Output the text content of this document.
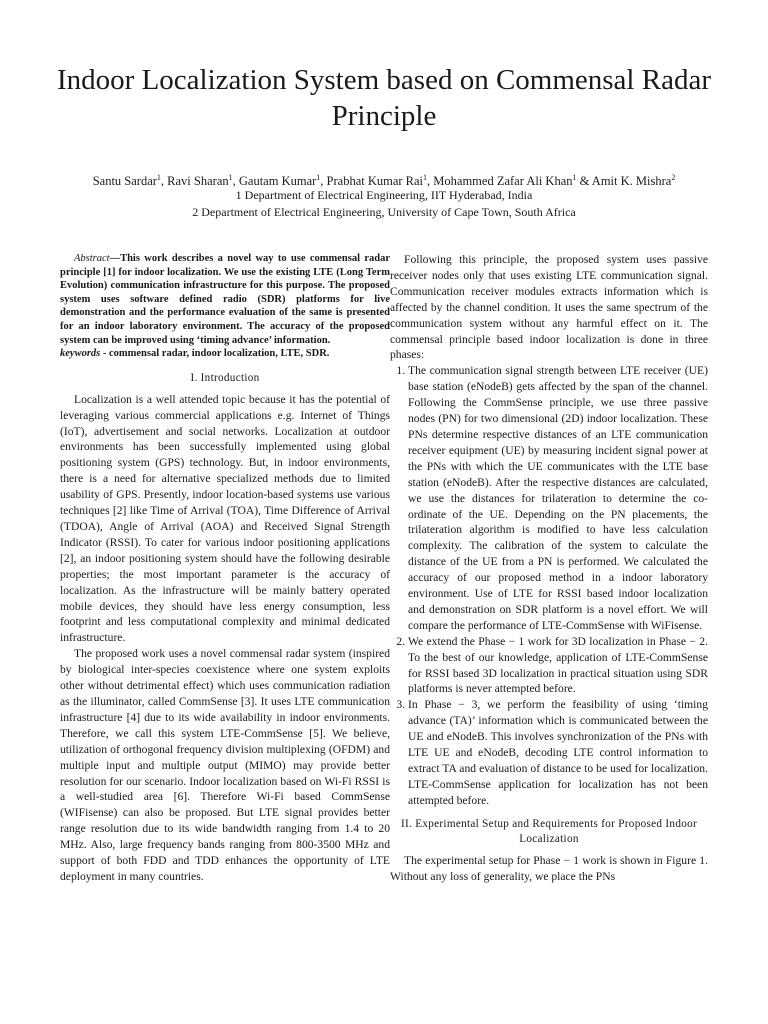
Indoor Localization System based on Commensal Radar Principle
Santu Sardar$^1$, Ravi Sharan$^1$, Gautam Kumar$^1$, Prabhat Kumar Rai$^1$, Mohammed Zafar Ali Khan$^1$ & Amit K. Mishra$^2$
1 Department of Electrical Engineering, IIT Hyderabad, India
2 Department of Electrical Engineering, University of Cape Town, South Africa

Abstract—This work describes a novel way to use commensal radar principle [1] for indoor localization. We use the existing LTE (Long Term Evolution) communication infrastructure for this purpose. The proposed system uses software defined radio (SDR) platforms for live demonstration and the performance evaluation of the same is presented for an indoor laboratory environment. The accuracy of the proposed system can be improved using ‘timing advance’ information.

keywords - commensal radar, indoor localization, LTE, SDR.

I. Introduction

Localization is a well attended topic because it has the potential of leveraging various commercial applications e.g. Internet of Things (IoT), advertisement and social networks. Localization at outdoor environments has been successfully implemented using global positioning system (GPS) technology. But, in indoor environments, there is a need for alternative specialized methods due to limited usability of GPS. Presently, indoor location-based systems use various techniques [2] like Time of Arrival (TOA), Time Difference of Arrival (TDOA), Angle of Arrival (AOA) and Received Signal Strength Indicator (RSSI). To cater for various indoor positioning applications [2], an indoor positioning system should have the following desirable properties; the most important parameter is the accuracy of localization. As the infrastructure will be mainly battery operated mobile devices, they should have less energy consumption, less footprint and less computational complexity and minimal dedicated infrastructure.

The proposed work uses a novel commensal radar system (inspired by biological inter-species coexistence where one system exploits other without detrimental effect) which uses communication radiation as the illuminator, called CommSense [3]. It uses LTE communication infrastructure [4] due to its wide availability in indoor environments. Therefore, we call this system LTE-CommSense [5]. We believe, utilization of orthogonal frequency division multiplexing (OFDM) and multiple input and multiple output (MIMO) may provide better resolution for our scenario. Indoor localization based on Wi-Fi RSSI is a well-studied area [6]. Therefore Wi-Fi based CommSense (WIFisense) can also be proposed. But LTE signal provides better range resolution due to its wide bandwidth ranging from 1.4 to 20 MHz. Also, large frequency bands ranging from 800-3500 MHz and support of both FDD and TDD enhances the opportunity of LTE deployment in many countries.

Following this principle, the proposed system uses passive receiver nodes only that uses existing LTE communication signal. Communication receiver modules extracts information which is affected by the channel condition. It uses the same spectrum of the communication system without any harmful effect on it. The commensal principle based indoor localization is done in three phases:

1. The communication signal strength between LTE receiver (UE) base station (eNodeB) gets affected by the span of the channel. Following the CommSense principle, we use three passive nodes (PN) for two dimensional (2D) indoor localization. These PNs determine respective distances of an LTE communication receiver equipment (UE) by measuring incident signal power at the PNs with which the UE communicates with the LTE base station (eNodeB). After the respective distances are calculated, we use the distances for trilateration to determine the co-ordinate of the UE. Depending on the PN placements, the trilateration algorithm is modified to have less calculation complexity. The calibration of the system to calculate the distance of the UE from a PN is performed. We calculated the accuracy of our proposed method in a indoor laboratory environment. Use of LTE for RSSI based indoor localization and demonstration on SDR platform is a novel effort. We will compare the performance of LTE-CommSense with WiFisense.
2. We extend the Phase − 1 work for 3D localization in Phase − 2. To the best of our knowledge, application of LTE-CommSense for RSSI based 3D localization in practical situation using SDR platforms is never attempted before.
3. In Phase − 3, we perform the feasibility of using ‘timing advance (TA)’ information which is communicated between the UE and eNodeB. This involves synchronization of the PNs with LTE UE and eNodeB, decoding LTE control information to extract TA and evaluation of distance to be used for localization. LTE-CommSense application for localization has not been attempted before.
II. Experimental Setup and Requirements for Proposed Indoor Localization

The experimental setup for Phase − 1 work is shown in Figure 1. Without any loss of generality, we place the PNs
